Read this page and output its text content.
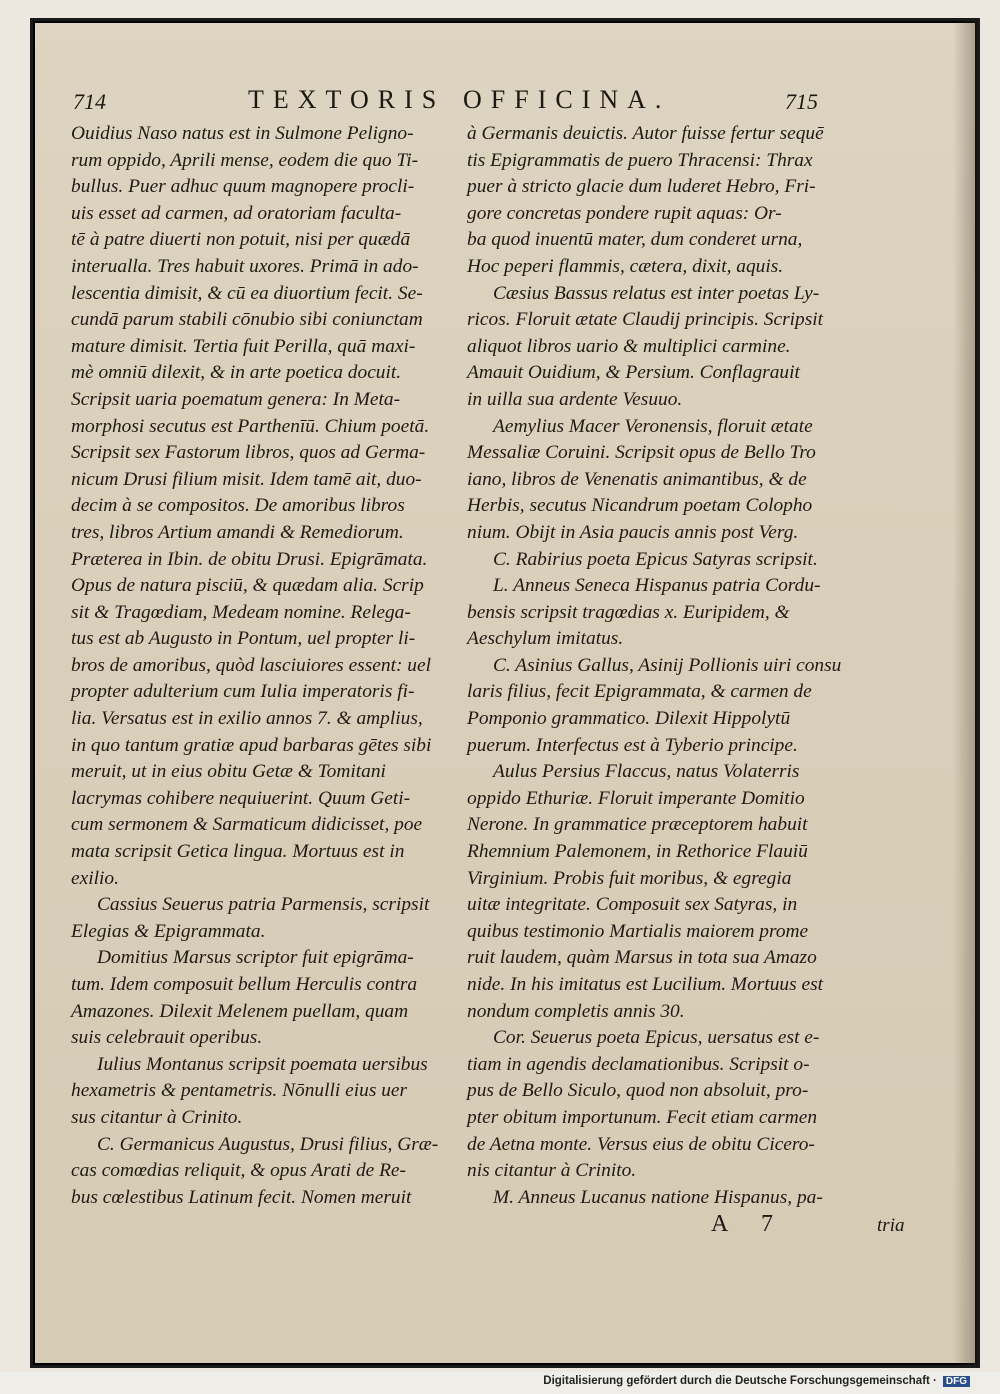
714	TEXTORIS OFFICINA.	715
Ouidius Naso natus est in Sulmone Peligno-
rum oppido, Aprili mense, eodem die quo Ti-
bullus. Puer adhuc quum magnopere procli-
uis esset ad carmen, ad oratoriam faculta-
tē à patre diuerti non potuit, nisi per quædā
interualla. Tres habuit uxores. Primā in ado-
lescentia dimisit, & cū ea diuortium fecit. Se-
cundā parum stabili cōnubio sibi coniunctam
mature dimisit. Tertia fuit Perilla, quā maxi-
mè omniū dilexit, & in arte poetica docuit.
Scripsit uaria poematum genera: In Meta-
morphosi secutus est Parthenīū. Chium poetā.
Scripsit sex Fastorum libros, quos ad Germa-
nicum Drusi filium misit. Idem tamē ait, duo-
decim à se compositos. De amoribus libros
tres, libros Artium amandi & Remediorum.
Præterea in Ibin. de obitu Drusi. Epigrāmata.
Opus de natura pisciū, & quædam alia. Scrip
sit & Tragœdiam, Medeam nomine. Relega-
tus est ab Augusto in Pontum, uel propter li-
bros de amoribus, quòd lasciuiores essent: uel
propter adulterium cum Iulia imperatoris fi-
lia. Versatus est in exilio annos 7. & amplius,
in quo tantum gratiæ apud barbaras gētes sibi
meruit, ut in eius obitu Getæ & Tomitani
lacrymas cohibere nequiuerint. Quum Geti-
cum sermonem & Sarmaticum didicisset, poe
mata scripsit Getica lingua. Mortuus est in
exilio.
Cassius Seuerus patria Parmensis, scripsit
Elegias & Epigrammata.
Domitius Marsus scriptor fuit epigrāma-
tum. Idem composuit bellum Herculis contra
Amazones. Dilexit Melenem puellam, quam
suis celebrauit operibus.
Iulius Montanus scripsit poemata uersibus
hexametris & pentametris. Nōnulli eius uer
sus citantur à Crinito.
C. Germanicus Augustus, Drusi filius, Græ-
cas comœdias reliquit, & opus Arati de Re-
bus cœlestibus Latinum fecit. Nomen meruit
à Germanis deuictis. Autor fuisse fertur sequē
tis Epigrammatis de puero Thracensi: Thrax
puer à stricto glacie dum luderet Hebro, Fri-
gore concretas pondere rupit aquas: Or-
ba quod inuentū mater, dum conderet urna,
Hoc peperi flammis, cætera, dixit, aquis.
Cæsius Bassus relatus est inter poetas Ly-
ricos. Floruit ætate Claudij principis. Scripsit
aliquot libros uario & multiplici carmine.
Amauit Ouidium, & Persium. Conflagrauit
in uilla sua ardente Vesuuo.
Aemylius Macer Veronensis, floruit ætate
Messaliæ Coruini. Scripsit opus de Bello Tro
iano, libros de Venenatis animantibus, & de
Herbis, secutus Nicandrum poetam Colopho
nium. Obijt in Asia paucis annis post Verg.
C. Rabirius poeta Epicus Satyras scripsit.
L. Anneus Seneca Hispanus patria Cordu-
bensis scripsit tragœdias x. Euripidem, &
Aeschylum imitatus.
C. Asinius Gallus, Asinij Pollionis uiri consu
laris filius, fecit Epigrammata, & carmen de
Pomponio grammatico. Dilexit Hippolytū
puerum. Interfectus est à Tyberio principe.
Aulus Persius Flaccus, natus Volaterris
oppido Ethuriæ. Floruit imperante Domitio
Nerone. In grammatice præceptorem habuit
Rhemnium Palemonem, in Rethorice Flauiū
Virginium. Probis fuit moribus, & egregia
uitæ integritate. Composuit sex Satyras, in
quibus testimonio Martialis maiorem prome
ruit laudem, quàm Marsus in tota sua Amazo
nide. In his imitatus est Lucilium. Mortuus est
nondum completis annis 30.
Cor. Seuerus poeta Epicus, uersatus est e-
tiam in agendis declamationibus. Scripsit o-
pus de Bello Siculo, quod non absoluit, pro-
pter obitum importunum. Fecit etiam carmen
de Aetna monte. Versus eius de obitu Cicero-
nis citantur à Crinito.
M. Anneus Lucanus natione Hispanus, pa-
A 7	tria
Digitalisierung gefördert durch die Deutsche Forschungsgemeinschaft · DFG
